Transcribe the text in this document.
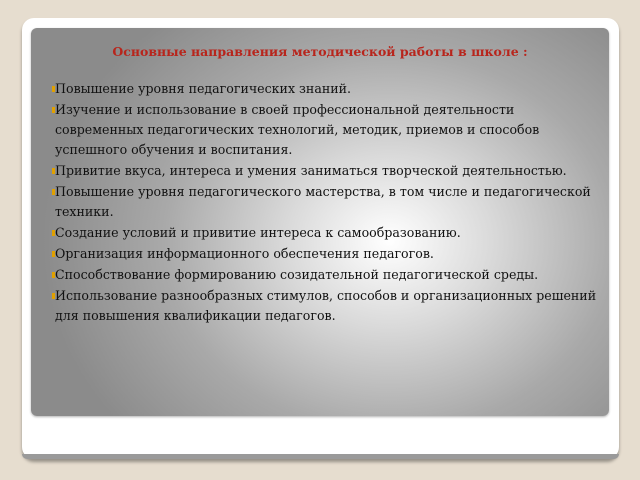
Основные направления методической работы в школе :
Повышение уровня педагогических знаний.
Изучение и использование в своей профессиональной деятельности современных педагогических технологий, методик, приемов и способов успешного обучения и воспитания.
Привитие вкуса, интереса и умения заниматься творческой деятельностью.
Повышение уровня педагогического мастерства, в том числе и педагогической техники.
Создание условий и привитие интереса к самообразованию.
Организация информационного обеспечения педагогов.
Способствование формированию созидательной педагогической среды.
Использование разнообразных стимулов, способов и организационных решений для повышения квалификации педагогов.
